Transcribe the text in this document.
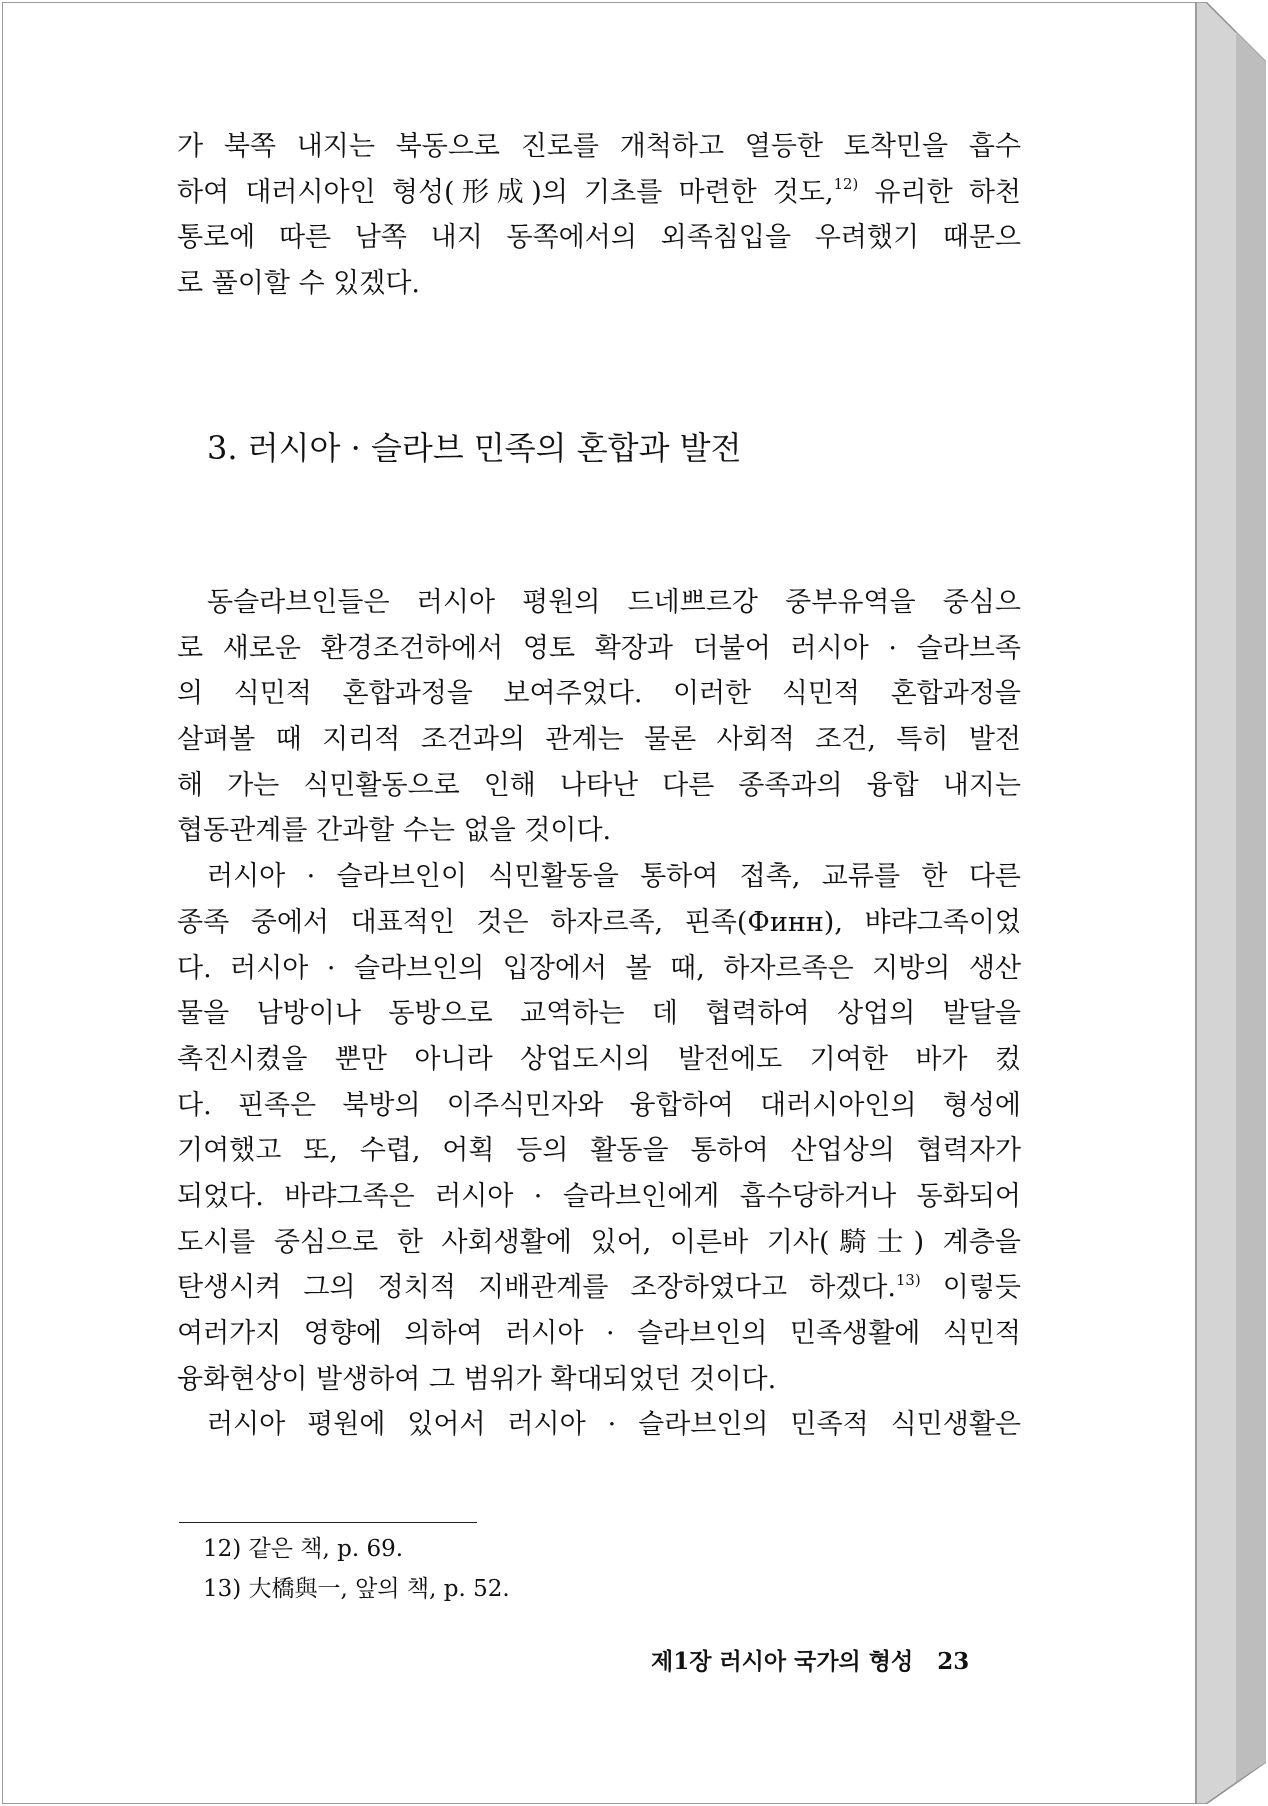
가 북쪽 내지는 북동으로 진로를 개척하고 열등한 토착민을 흡수
하여 대러시아인 형성(形成)의 기초를 마련한 것도,$^{12)}$ 유리한 하천
통로에 따른 남쪽 내지 동쪽에서의 외족침입을 우려했기 때문으
로 풀이할 수 있겠다.
3. 러시아 · 슬라브 민족의 혼합과 발전
동슬라브인들은 러시아 평원의 드네쁘르강 중부유역을 중심으
로 새로운 환경조건하에서 영토 확장과 더불어 러시아 · 슬라브족
의 식민적 혼합과정을 보여주었다. 이러한 식민적 혼합과정을
살펴볼 때 지리적 조건과의 관계는 물론 사회적 조건, 특히 발전
해 가는 식민활동으로 인해 나타난 다른 종족과의 융합 내지는
협동관계를 간과할 수는 없을 것이다.
러시아 · 슬라브인이 식민활동을 통하여 접촉, 교류를 한 다른
종족 중에서 대표적인 것은 하자르족, 핀족(Финн), 뱌랴그족이었
다. 러시아 · 슬라브인의 입장에서 볼 때, 하자르족은 지방의 생산
물을 남방이나 동방으로 교역하는 데 협력하여 상업의 발달을
촉진시켰을 뿐만 아니라 상업도시의 발전에도 기여한 바가 컸
다. 핀족은 북방의 이주식민자와 융합하여 대러시아인의 형성에
기여했고 또, 수렵, 어획 등의 활동을 통하여 산업상의 협력자가
되었다. 바랴그족은 러시아 · 슬라브인에게 흡수당하거나 동화되어
도시를 중심으로 한 사회생활에 있어, 이른바 기사(騎士) 계층을
탄생시켜 그의 정치적 지배관계를 조장하였다고 하겠다.$^{13)}$ 이렇듯
여러가지 영향에 의하여 러시아 · 슬라브인의 민족생활에 식민적
융화현상이 발생하여 그 범위가 확대되었던 것이다.
러시아 평원에 있어서 러시아 · 슬라브인의 민족적 식민생활은
12) 같은 책, p. 69.
13) 大橋與一, 앞의 책, p. 52.
제1장 러시아 국가의 형성 23
